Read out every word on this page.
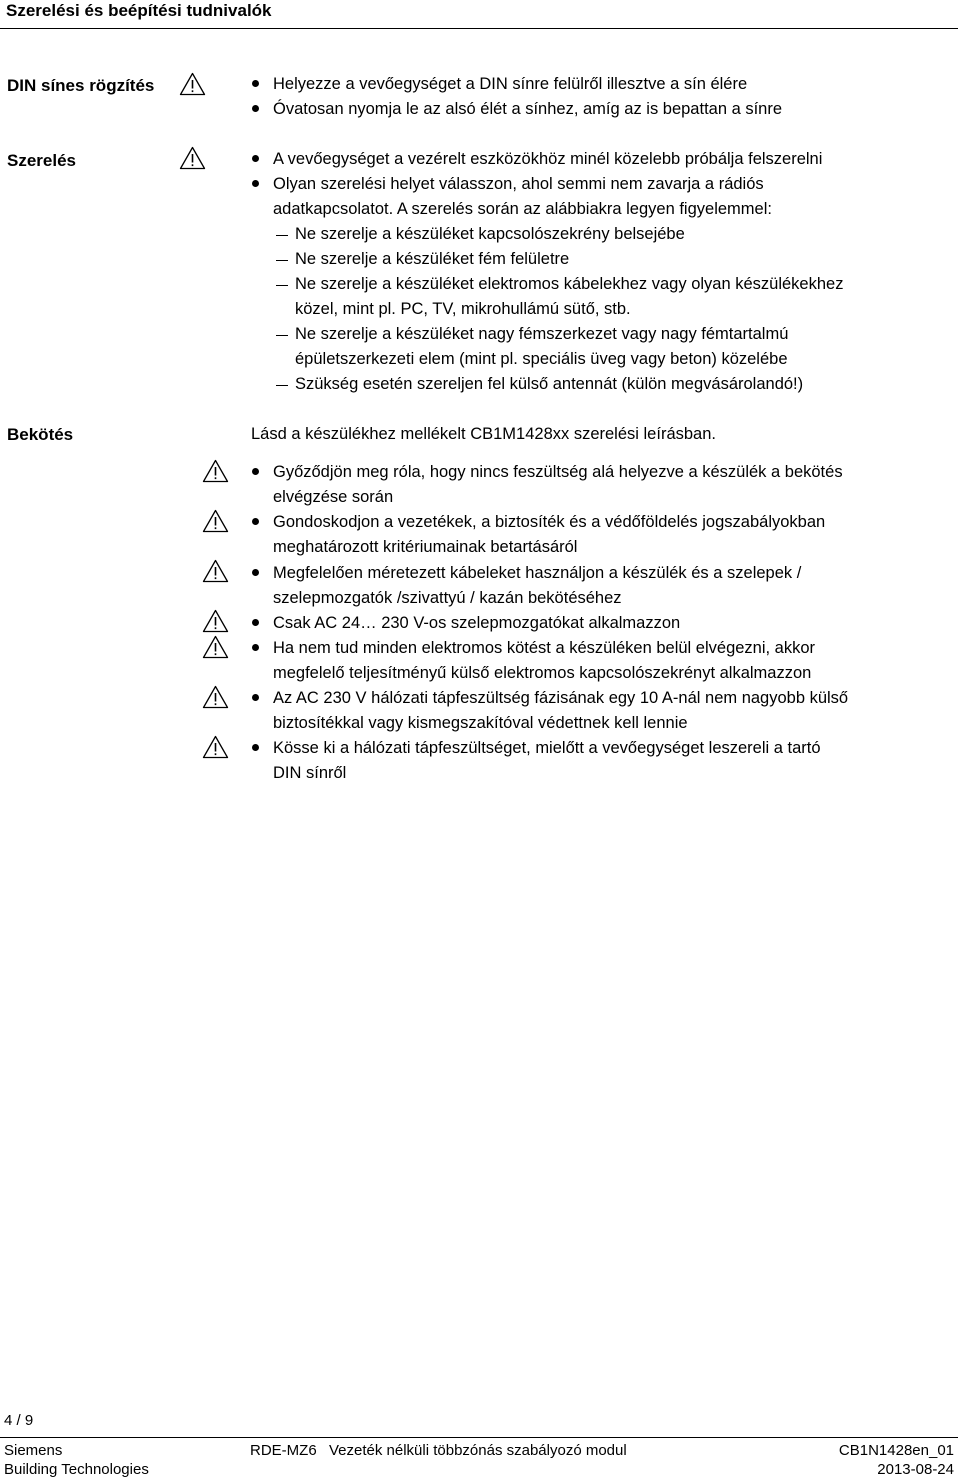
Szerelési és beépítési tudnivalók
DIN sínes rögzítés	Helyezze a vevőegységet a DIN sínre felülről illesztve a sín élére
Óvatosan nyomja le az alsó élét a sínhez, amíg az is bepattan a sínre
Szerelés	A vevőegységet a vezérelt eszközökhöz minél közelebb próbálja felszerelni
Olyan szerelési helyet válasszon, ahol semmi nem zavarja a rádiós
adatkapcsolatot. A szerelés során az alábbiakra legyen figyelemmel:
Ne szerelje a készüléket kapcsolószekrény belsejébe
Ne szerelje a készüléket fém felületre
Ne szerelje a készüléket elektromos kábelekhez vagy olyan készülékekhez
közel, mint pl. PC, TV, mikrohullámú sütő, stb.
Ne szerelje a készüléket nagy fémszerkezet vagy nagy fémtartalmú
épületszerkezeti elem (mint pl. speciális üveg vagy beton) közelébe
Szükség esetén szereljen fel külső antennát (külön megvásárolandó!)
Bekötés	Lásd a készülékhez mellékelt CB1M1428xx szerelési leírásban.
Győződjön meg róla, hogy nincs feszültség alá helyezve a készülék a bekötés
elvégzése során
Gondoskodjon a vezetékek, a biztosíték és a védőföldelés jogszabályokban
meghatározott kritériumainak betartásáról
Megfelelően méretezett kábeleket használjon a készülék és a szelepek /
szelepmozgatók /szivattyú / kazán bekötéséhez
Csak AC 24… 230 V-os szelepmozgatókat alkalmazzon
Ha nem tud minden elektromos kötést a készüléken belül elvégezni, akkor
megfelelő teljesítményű külső elektromos kapcsolószekrényt alkalmazzon
Az AC 230 V hálózati tápfeszültség fázisának egy 10 A-nál nem nagyobb külső
biztosítékkal vagy kismegszakítóval védettnek kell lennie
Kösse ki a hálózati tápfeszültséget, mielőtt a vevőegységet leszereli a tartó
DIN sínről
4 / 9
Siemens
Building Technologies
RDE-MZ6 Vezeték nélküli többzónás szabályozó modul	CB1N1428en_01
2013-08-24
